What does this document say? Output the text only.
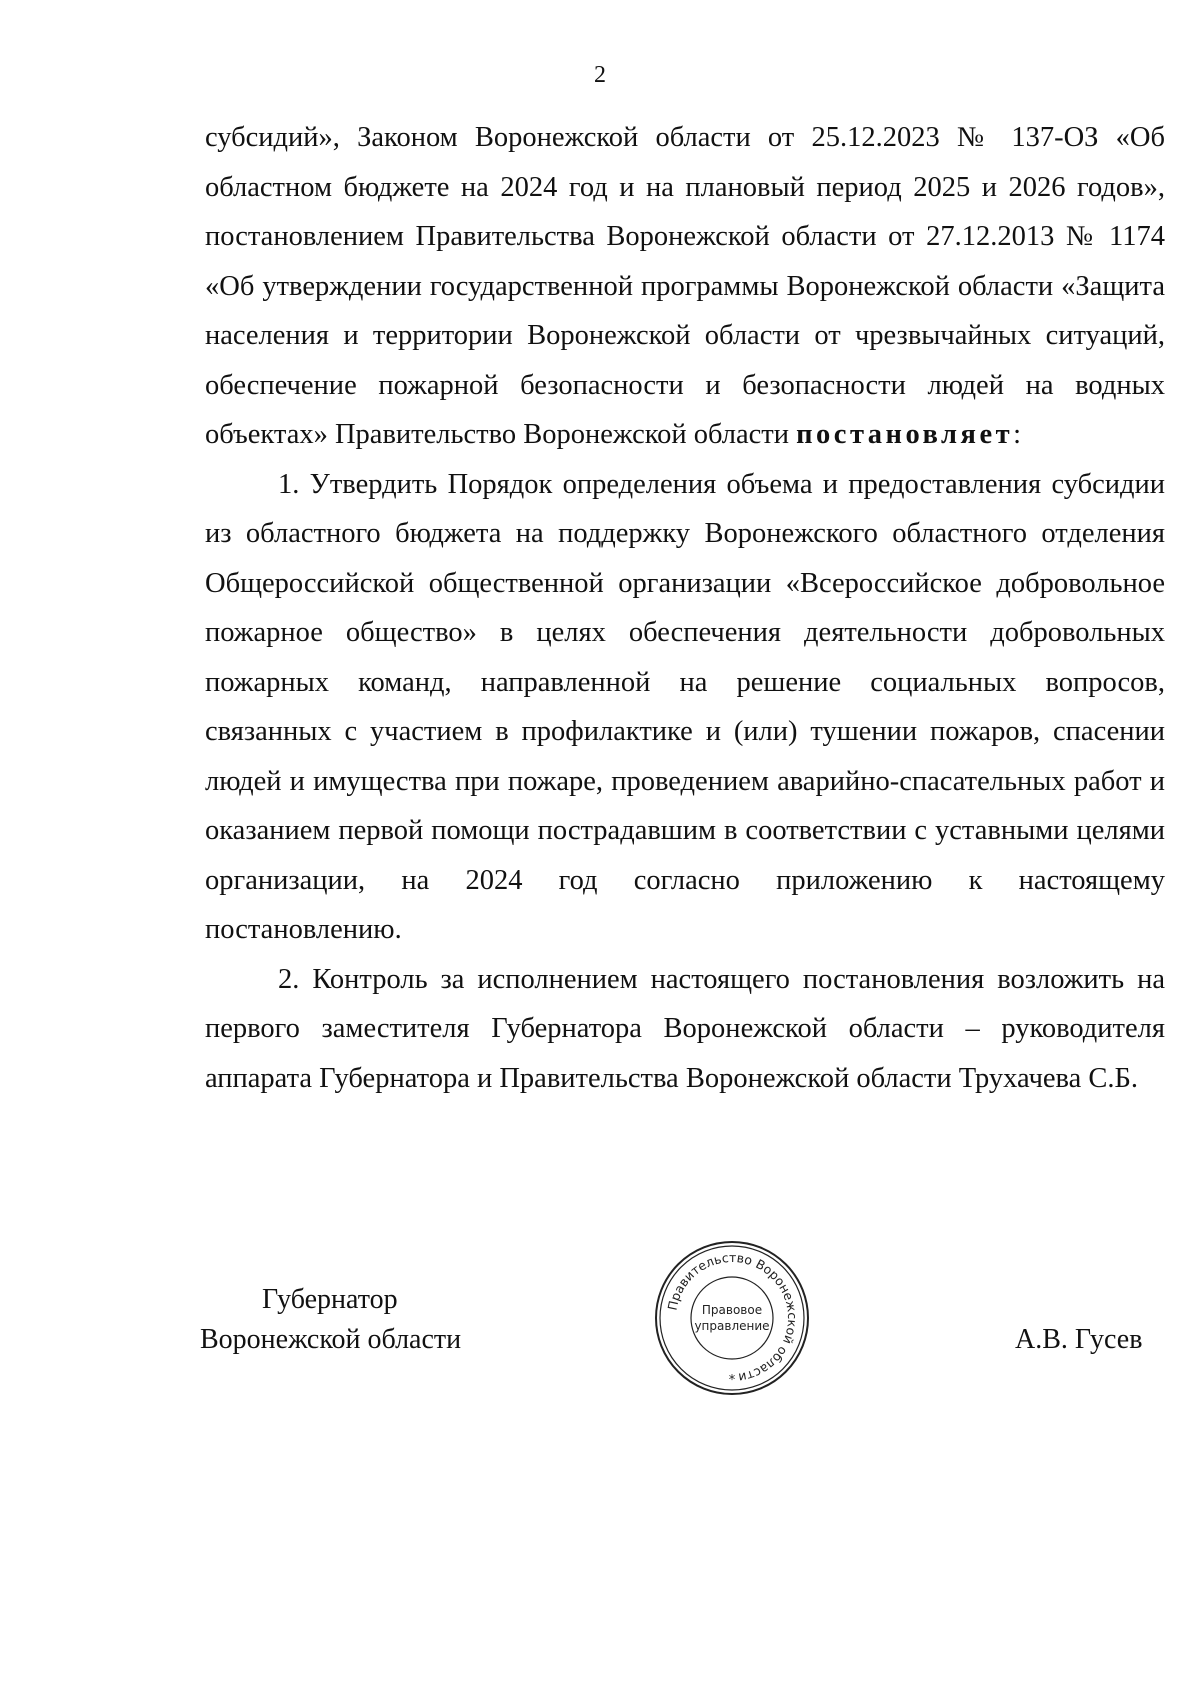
2

субсидий», Законом Воронежской области от 25.12.2023 № 137-ОЗ «Об областном бюджете на 2024 год и на плановый период 2025 и 2026 годов», постановлением Правительства Воронежской области от 27.12.2013 № 1174 «Об утверждении государственной программы Воронежской области «Защита населения и территории Воронежской области от чрезвычайных ситуаций, обеспечение пожарной безопасности и безопасности людей на водных объектах» Правительство Воронежской области постановляет:

1. Утвердить Порядок определения объема и предоставления субсидии из областного бюджета на поддержку Воронежского областного отделения Общероссийской общественной организации «Всероссийское добровольное пожарное общество» в целях обеспечения деятельности добровольных пожарных команд, направленной на решение социальных вопросов, связанных с участием в профилактике и (или) тушении пожаров, спасении людей и имущества при пожаре, проведением аварийно-спасательных работ и оказанием первой помощи пострадавшим в соответствии с уставными целями организации, на 2024 год согласно приложению к настоящему постановлению.

2. Контроль за исполнением настоящего постановления возложить на первого заместителя Губернатора Воронежской области – руководителя аппарата Губернатора и Правительства Воронежской области Трухачева С.Б.

Губернатор
Воронежской области
Правительство Воронежской области
Правовое
управление
*
А.В. Гусев
